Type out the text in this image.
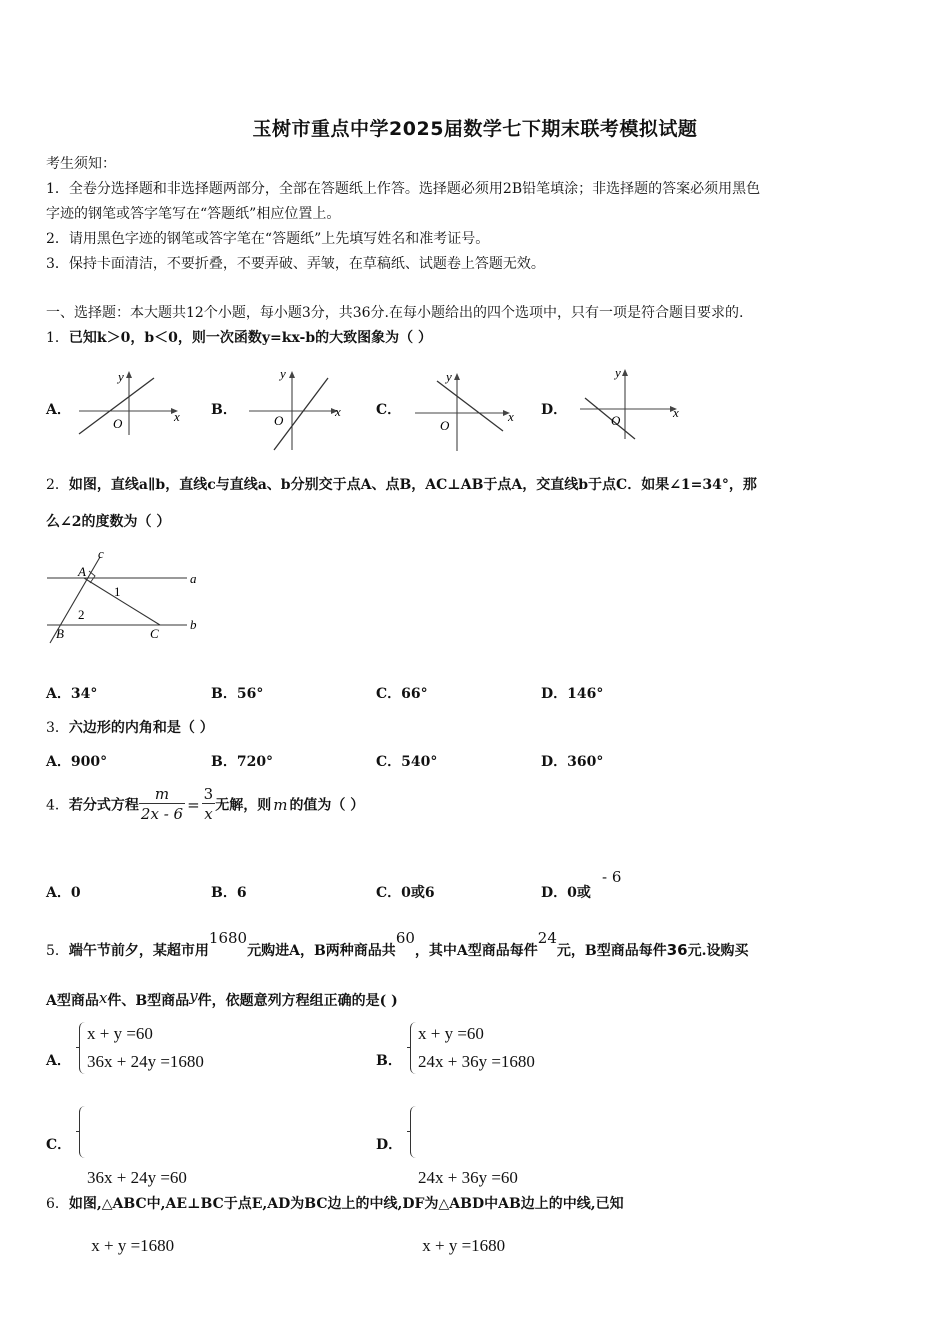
玉树市重点中学2025届数学七下期末联考模拟试题
考生须知：
1．全卷分选择题和非选择题两部分，全部在答题纸上作答。选择题必须用2B铅笔填涂；非选择题的答案必须用黑色
字迹的钢笔或答字笔写在“答题纸”相应位置上。
2．请用黑色字迹的钢笔或答字笔在“答题纸”上先填写姓名和准考证号。
3．保持卡面清洁，不要折叠，不要弄破、弄皱，在草稿纸、试题卷上答题无效。
一、选择题：本大题共12个小题，每小题3分，共36分.在每小题给出的四个选项中，只有一项是符合题目要求的.
1．已知k＞0，b＜0，则一次函数y=kx-b的大致图象为（ ）
A．	B．	C．	D．
y
x
O
y
x
O
y
x
O
y
x
O
2．如图，直线a∥b，直线c与直线a、b分别交于点A、点B，AC⊥AB于点A，交直线b于点C．如果∠1=34°，那
么∠2的度数为（ ）
c
A	a
1
2
B	C
b
A．34°	B．56°	C．66°	D．146°
3．六边形的内角和是（ ）
A．900°	B．720°	C．540°	D．360°
4．若分式方程 $\frac{m}{2x - 6} = \frac{3}{x}$ 无解，则 m 的值为（ ）
A．0	B．6	C．0或6	D．0或
- 6
5．端午节前夕，某超市用1680元购进A，B两种商品共60，其中A型商品每件24元，B型商品每件36元.设购买
A型商品x件、B型商品y件，依题意列方程组正确的是( )
A．
x + y =60
36x + 24y =1680	B．
x + y =60
24x + 36y =1680
C．

36x + 24y =60

x + y =1680

D．

24x + 36y =60

x + y =1680

6．如图,△ABC中,AE⊥BC于点E,AD为BC边上的中线,DF为△ABD中AB边上的中线,已知
